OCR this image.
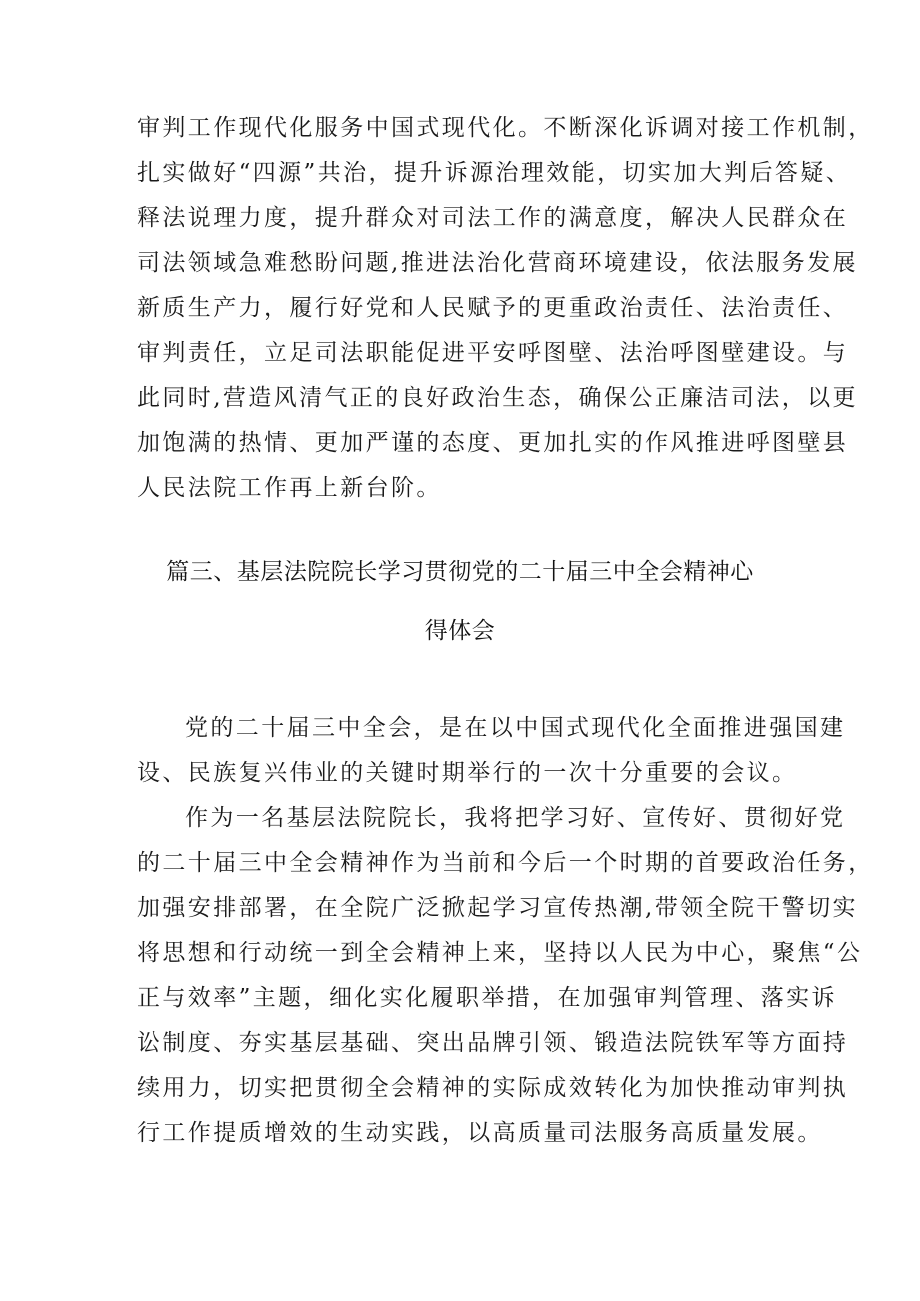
审判工作现代化服务中国式现代化。不断深化诉调对接工作机制，
扎实做好“四源”共治，提升诉源治理效能，切实加大判后答疑、
释法说理力度，提升群众对司法工作的满意度，解决人民群众在
司法领域急难愁盼问题,推进法治化营商环境建设，依法服务发展
新质生产力，履行好党和人民赋予的更重政治责任、法治责任、
审判责任，立足司法职能促进平安呼图壁、法治呼图壁建设。与
此同时,营造风清气正的良好政治生态，确保公正廉洁司法，以更
加饱满的热情、更加严谨的态度、更加扎实的作风推进呼图壁县
人民法院工作再上新台阶。
篇三、基层法院院长学习贯彻党的二十届三中全会精神心
得体会
党的二十届三中全会，是在以中国式现代化全面推进强国建
设、民族复兴伟业的关键时期举行的一次十分重要的会议。
作为一名基层法院院长，我将把学习好、宣传好、贯彻好党
的二十届三中全会精神作为当前和今后一个时期的首要政治任务，
加强安排部署，在全院广泛掀起学习宣传热潮,带领全院干警切实
将思想和行动统一到全会精神上来，坚持以人民为中心，聚焦“公
正与效率”主题，细化实化履职举措，在加强审判管理、落实诉
讼制度、夯实基层基础、突出品牌引领、锻造法院铁军等方面持
续用力，切实把贯彻全会精神的实际成效转化为加快推动审判执
行工作提质增效的生动实践，以高质量司法服务高质量发展。
